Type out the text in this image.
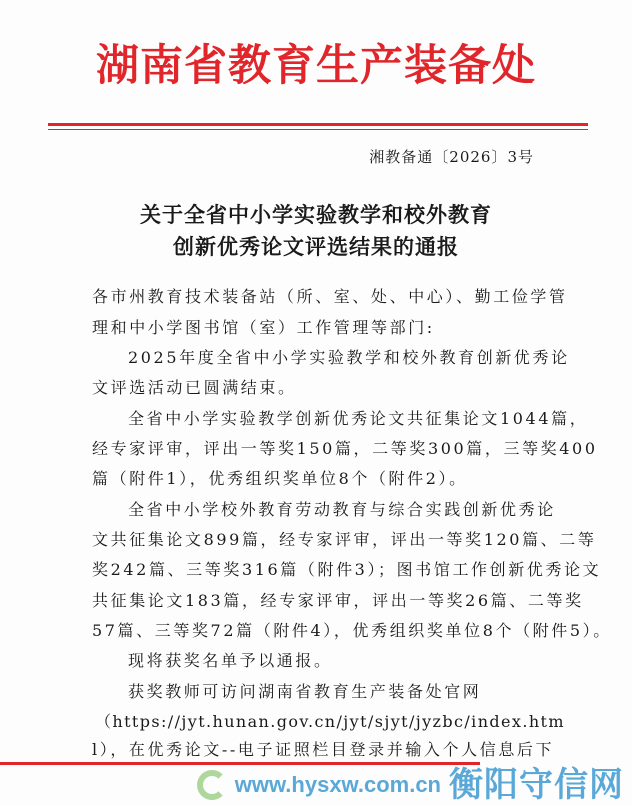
湖南省教育生产装备处
湘教备通〔2026〕3号
关于全省中小学实验教学和校外教育
创新优秀论文评选结果的通报
各市州教育技术装备站（所、室、处、中心）、勤工俭学管
理和中小学图书馆（室）工作管理等部门:
2025年度全省中小学实验教学和校外教育创新优秀论
文评选活动已圆满结束。
全省中小学实验教学创新优秀论文共征集论文1044篇，
经专家评审，评出一等奖150篇，二等奖300篇，三等奖400
篇（附件1），优秀组织奖单位8个（附件2）。
全省中小学校外教育劳动教育与综合实践创新优秀论
文共征集论文899篇，经专家评审，评出一等奖120篇、二等
奖242篇、三等奖316篇（附件3）；图书馆工作创新优秀论文
共征集论文183篇，经专家评审，评出一等奖26篇、二等奖
57篇、三等奖72篇（附件4），优秀组织奖单位8个（附件5）。
现将获奖名单予以通报。
获奖教师可访问湖南省教育生产装备处官网
（https://jyt.hunan.gov.cn/jyt/sjyt/jyzbc/index.htm
l），在优秀论文--电子证照栏目登录并输入个人信息后下
www.hysxw.com.cn 衡阳守信网
